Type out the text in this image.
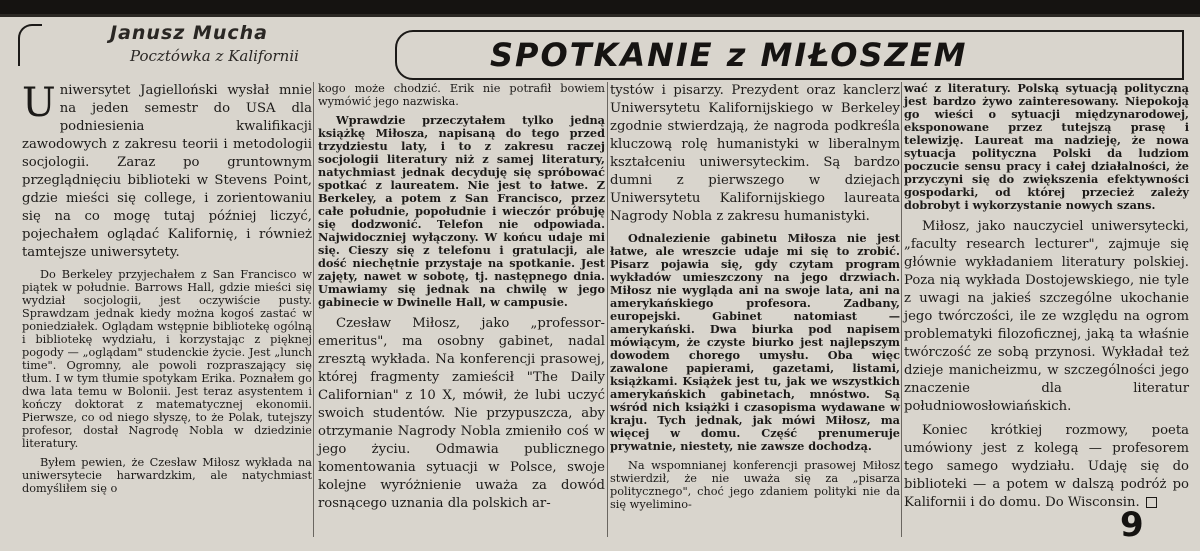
Janusz Mucha
Pocztówka z Kalifornii	SPOTKANIE z MIŁOSZEM

Uniwersytet Jagielloński wysłał mnie na jeden semestr do USA dla podniesienia kwalifikacji zawodowych z zakresu teorii i metodologii socjologii. Zaraz po gruntownym przeglądnięciu biblioteki w Stevens Point, gdzie mieści się college, i zorientowaniu się na co mogę tutaj później liczyć, pojechałem oglądać Kalifornię, i również tamtejsze uniwersytety.

Do Berkeley przyjechałem z San Francisco w piątek w południe. Barrows Hall, gdzie mieści się wydział socjologii, jest oczywiście pusty. Sprawdzam jednak kiedy można kogoś zastać w poniedziałek. Oglądam wstępnie bibliotekę ogólną i bibliotekę wydziału, i korzystając z pięknej pogody — „oglądam" studenckie życie. Jest „lunch time". Ogromny, ale powoli rozpraszający się tłum. I w tym tłumie spotykam Erika. Poznałem go dwa lata temu w Bolonii. Jest teraz asystentem i kończy doktorat z matematycznej ekonomii. Pierwsze, co od niego słyszę, to że Polak, tutejszy profesor, dostał Nagrodę Nobla w dziedzinie literatury.

Byłem pewien, że Czesław Miłosz wykłada na uniwersytecie harwardzkim, ale natychmiast domyśliłem się o

kogo może chodzić. Erik nie potrafił bowiem wymówić jego nazwiska.

Wprawdzie przeczytałem tylko jedną książkę Miłosza, napisaną do tego przed trzydziestu laty, i to z zakresu raczej socjologii literatury niż z samej literatury, natychmiast jednak decyduję się spróbować spotkać z laureatem. Nie jest to łatwe. Z Berkeley, a potem z San Francisco, przez całe południe, popołudnie i wieczór próbuję się dodzwonić. Telefon nie odpowiada. Najwidoczniej wyłączony. W końcu udaje mi się. Cieszy się z telefonu i gratulacji, ale dość niechętnie przystaje na spotkanie. Jest zajęty, nawet w sobotę, tj. następnego dnia. Umawiamy się jednak na chwilę w jego gabinecie w Dwinelle Hall, w campusie.

Czesław Miłosz, jako „professor-emeritus", ma osobny gabinet, nadal zresztą wykłada. Na konferencji prasowej, której fragmenty zamieścił "The Daily Californian" z 10 X, mówił, że lubi uczyć swoich studentów. Nie przypuszcza, aby otrzymanie Nagrody Nobla zmieniło coś w jego życiu. Odmawia publicznego komentowania sytuacji w Polsce, swoje kolejne wyróżnienie uważa za dowód rosnącego uznania dla polskich ar-

tystów i pisarzy. Prezydent oraz kanclerz Uniwersytetu Kalifornijskiego w Berkeley zgodnie stwierdzają, że nagroda podkreśla kluczową rolę humanistyki w liberalnym kształceniu uniwersyteckim. Są bardzo dumni z pierwszego w dziejach Uniwersytetu Kalifornijskiego laureata Nagrody Nobla z zakresu humanistyki.

Odnalezienie gabinetu Miłosza nie jest łatwe, ale wreszcie udaje mi się to zrobić. Pisarz pojawia się, gdy czytam program wykładów umieszczony na jego drzwiach. Miłosz nie wygląda ani na swoje lata, ani na amerykańskiego profesora. Zadbany, europejski. Gabinet natomiast — amerykański. Dwa biurka pod napisem mówiącym, że czyste biurko jest najlepszym dowodem chorego umysłu. Oba więc zawalone papierami, gazetami, listami, książkami. Książek jest tu, jak we wszystkich amerykańskich gabinetach, mnóstwo. Są wśród nich książki i czasopisma wydawane w kraju. Tych jednak, jak mówi Miłosz, ma więcej w domu. Część prenumeruje prywatnie, niestety, nie zawsze dochodzą.

Na wspomnianej konferencji prasowej Miłosz stwierdził, że nie uważa się za „pisarza politycznego", choć jego zdaniem polityki nie da się wyelimino-

wać z literatury. Polską sytuacją polityczną jest bardzo żywo zainteresowany. Niepokoją go wieści o sytuacji międzynarodowej, eksponowane przez tutejszą prasę i telewizję. Laureat ma nadzieję, że nowa sytuacja polityczna Polski da ludziom poczucie sensu pracy i całej działalności, że przyczyni się do zwiększenia efektywności gospodarki, od której przecież zależy dobrobyt i wykorzystanie nowych szans.

Miłosz, jako nauczyciel uniwersytecki, „faculty research lecturer", zajmuje się głównie wykładaniem literatury polskiej. Poza nią wykłada Dostojewskiego, nie tyle z uwagi na jakieś szczególne ukochanie jego twórczości, ile ze względu na ogrom problematyki filozoficznej, jaką ta właśnie twórczość ze sobą przynosi. Wykładał też dzieje manicheizmu, w szczególności jego znaczenie dla literatur południowosłowiańskich.

Koniec krótkiej rozmowy, poeta umówiony jest z kolegą — profesorem tego samego wydziału. Udaję się do biblioteki — a potem w dalszą podróż po Kalifornii i do domu. Do Wisconsin.

9
